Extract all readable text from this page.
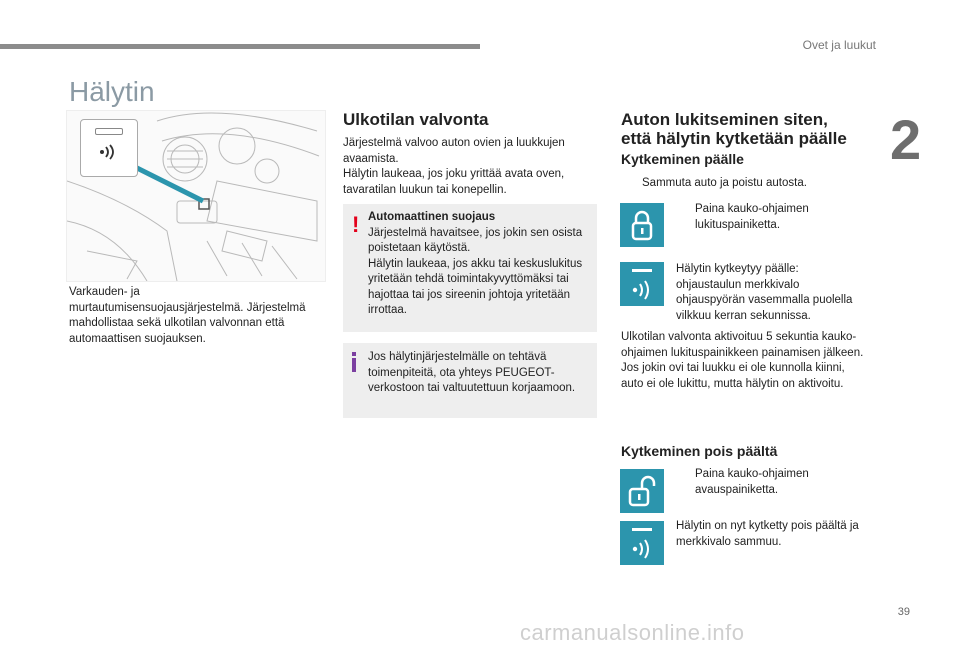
Ovet ja luukut
Hälytin
2
Varkauden- ja
murtautumisensuojausjärjestelmä. Järjestelmä
mahdollistaa sekä ulkotilan valvonnan että
automaattisen suojauksen.
Ulkotilan valvonta
Järjestelmä valvoo auton ovien ja luukkujen
avaamista.
Hälytin laukeaa, jos joku yrittää avata oven,
tavaratilan luukun tai konepellin.
! Automaattinen suojaus
Järjestelmä havaitsee, jos jokin sen osista
poistetaan käytöstä.
Hälytin laukeaa, jos akku tai keskuslukitus
yritetään tehdä toimintakyvyttömäksi tai
hajottaa tai jos sireenin johtoja yritetään
irrottaa.
Jos hälytinjärjestelmälle on tehtävä
toimenpiteitä, ota yhteys PEUGEOT-
verkostoon tai valtuutettuun korjaamoon.
Auton lukitseminen siten,
että hälytin kytketään päälle
Kytkeminen päälle
Sammuta auto ja poistu autosta.
Paina kauko-ohjaimen
lukituspainiketta.
Hälytin kytkeytyy päälle:
ohjaustaulun merkkivalo
ohjauspyörän vasemmalla puolella
vilkkuu kerran sekunnissa.
Ulkotilan valvonta aktivoituu 5 sekuntia kauko-
ohjaimen lukituspainikkeen painamisen jälkeen.
Jos jokin ovi tai luukku ei ole kunnolla kiinni,
auto ei ole lukittu, mutta hälytin on aktivoitu.
Kytkeminen pois päältä
Paina kauko-ohjaimen
avauspainiketta.
Hälytin on nyt kytketty pois päältä ja
merkkivalo sammuu.
39
carmanualsonline.info
